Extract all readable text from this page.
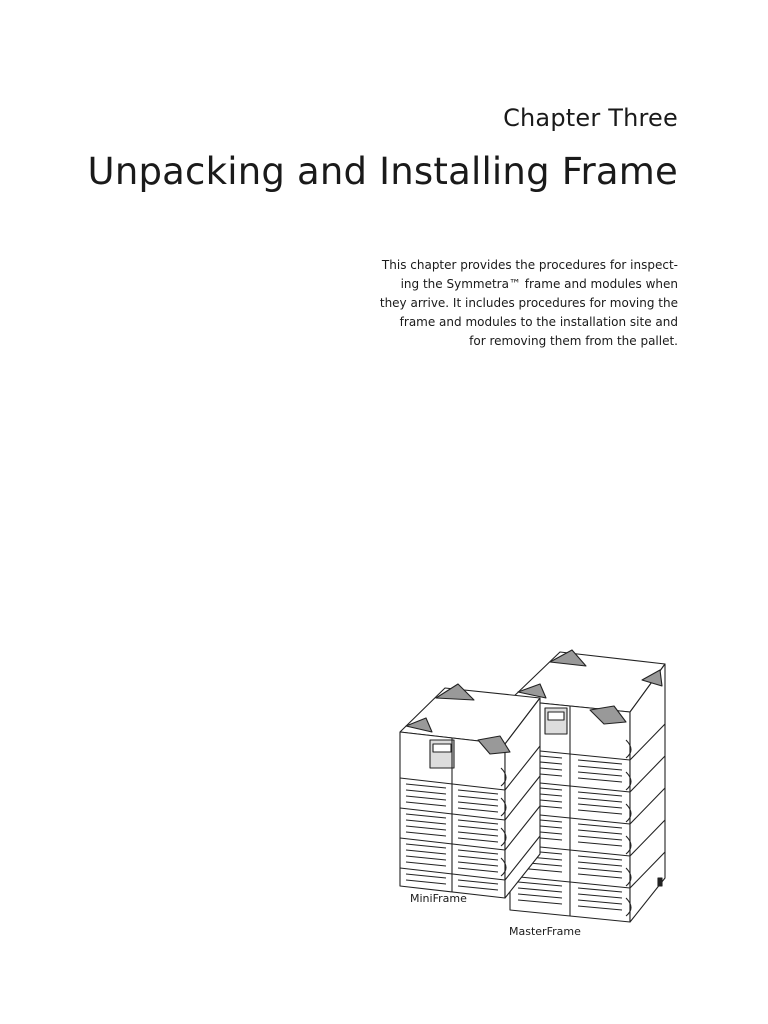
Chapter Three
Unpacking and Installing Frame

This chapter provides the procedures for inspect-
ing the Symmetra™ frame and modules when
they arrive. It includes procedures for moving the
frame and modules to the installation site and
for removing them from the pallet.

MiniFrame
MasterFrame
